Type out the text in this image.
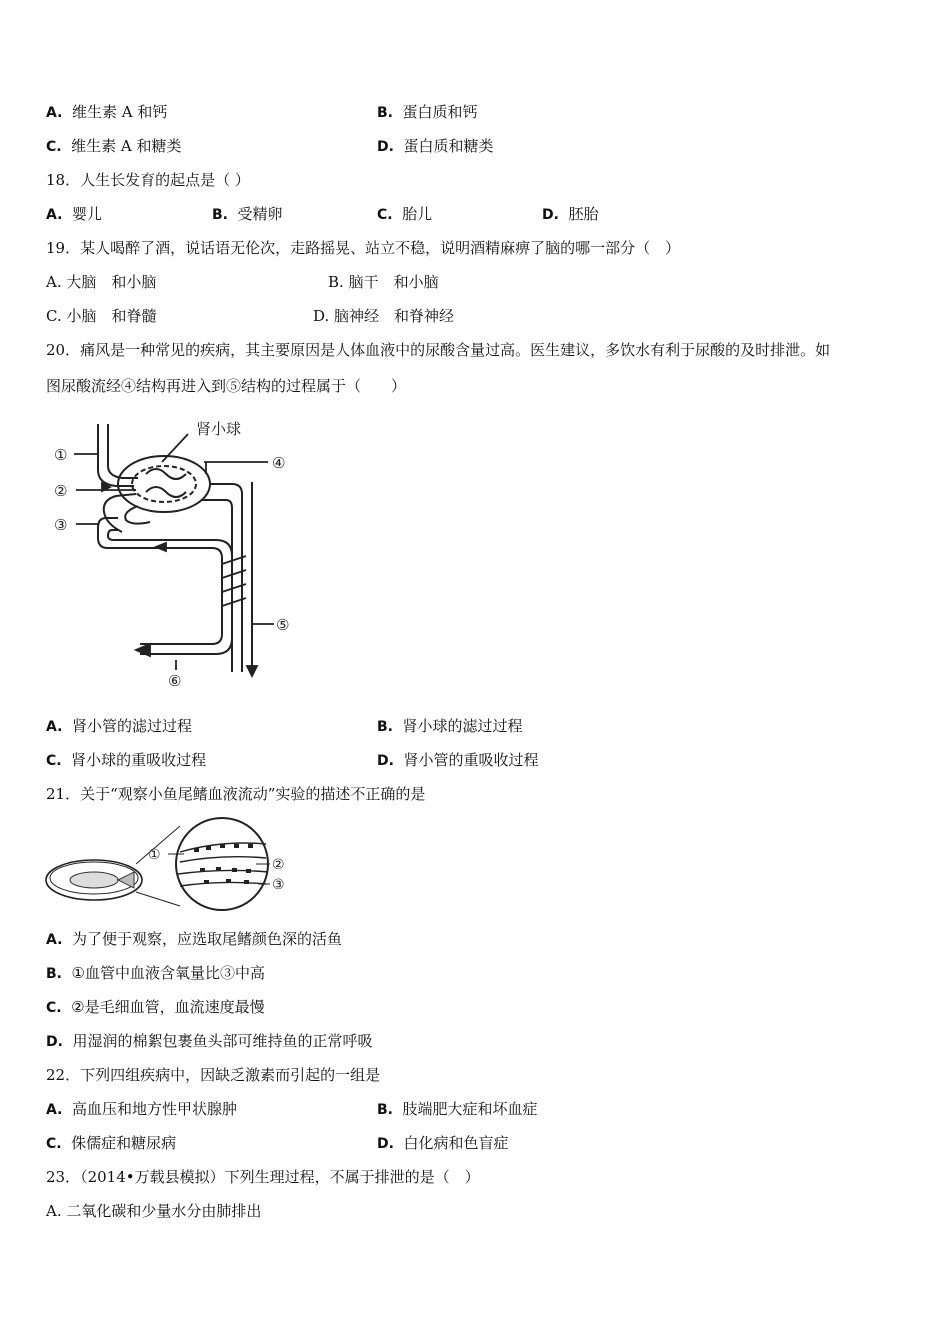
A. 维生素 A 和钙	B. 蛋白质和钙
C. 维生素 A 和糖类	D. 蛋白质和糖类
18．人生长发育的起点是（ ）
A. 婴儿	B. 受精卵	C. 胎儿	D. 胚胎
19．某人喝醉了酒，说话语无伦次，走路摇晃、站立不稳，说明酒精麻痹了脑的哪一部分（　）
A. 大脑　和小脑	B. 脑干　和小脑
C. 小脑　和脊髓	D. 脑神经　和脊神经
20．痛风是一种常见的疾病，其主要原因是人体血液中的尿酸含量过高。医生建议，多饮水有利于尿酸的及时排泄。如
图尿酸流经④结构再进入到⑤结构的过程属于（　　）
①
②
③
④
⑤
⑥
肾小球
A. 肾小管的滤过过程	B. 肾小球的滤过过程
C. 肾小球的重吸收过程	D. 肾小管的重吸收过程
21．关于“观察小鱼尾鳍血液流动”实验的描述不正确的是
①
②
③
A. 为了便于观察，应选取尾鳍颜色深的活鱼
B. ①血管中血液含氧量比③中高
C. ②是毛细血管，血流速度最慢
D. 用湿润的棉絮包裹鱼头部可维持鱼的正常呼吸
22．下列四组疾病中，因缺乏激素而引起的一组是
A. 高血压和地方性甲状腺肿	B. 肢端肥大症和坏血症
C. 侏儒症和糖尿病	D. 白化病和色盲症
23．（2014•万载县模拟）下列生理过程，不属于排泄的是（　）
A. 二氧化碳和少量水分由肺排出
